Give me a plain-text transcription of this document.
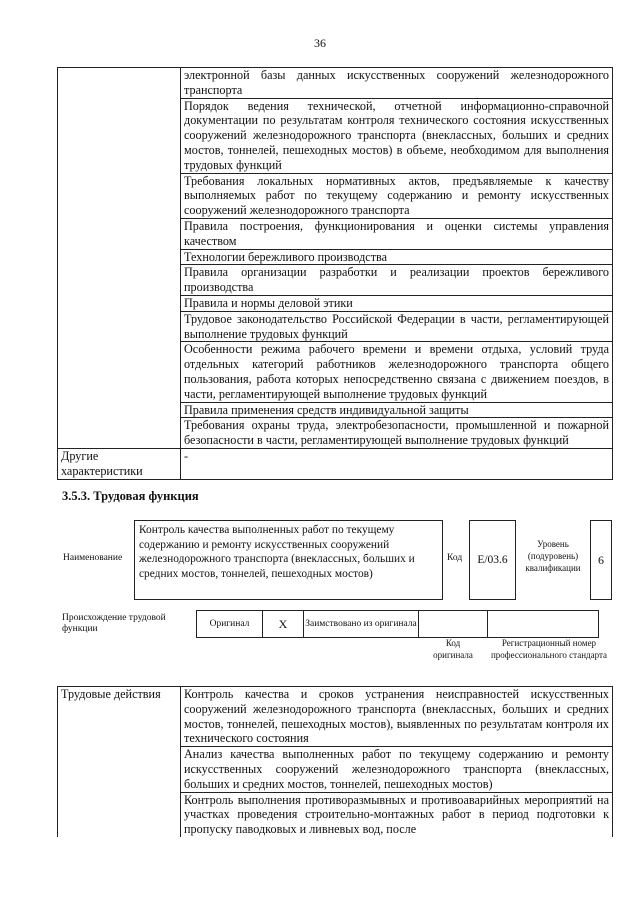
36
	электронной базы данных искусственных сооружений железнодорожного транспорта
	Порядок ведения технической, отчетной информационно-справочной документации по результатам контроля технического состояния искусственных сооружений железнодорожного транспорта (внеклассных, больших и средних мостов, тоннелей, пешеходных мостов) в объеме, необходимом для выполнения трудовых функций
	Требования локальных нормативных актов, предъявляемые к качеству выполняемых работ по текущему содержанию и ремонту искусственных сооружений железнодорожного транспорта
	Правила построения, функционирования и оценки системы управления качеством
	Технологии бережливого производства
	Правила организации разработки и реализации проектов бережливого производства
	Правила и нормы деловой этики
	Трудовое законодательство Российской Федерации в части, регламентирующей выполнение трудовых функций
	Особенности режима рабочего времени и времени отдыха, условий труда отдельных категорий работников железнодорожного транспорта общего пользования, работа которых непосредственно связана с движением поездов, в части, регламентирующей выполнение трудовых функций
	Правила применения средств индивидуальной защиты
	Требования охраны труда, электробезопасности, промышленной и пожарной безопасности в части, регламентирующей выполнение трудовых функций
Другие характеристики	-
3.5.3. Трудовая функция
Наименование
Контроль качества выполненных работ по текущему содержанию и ремонту искусственных сооружений железнодорожного транспорта (внеклассных, больших и средних мостов, тоннелей, пешеходных мостов)
Код	E/03.6
Уровень (подуровень) квалификации
6
Происхождение трудовой функции	Оригинал	X	Заимствовано из оригинала		
Код оригинала
Регистрационный номер профессионального стандарта
Трудовые действия	Контроль качества и сроков устранения неисправностей искусственных сооружений железнодорожного транспорта (внеклассных, больших и средних мостов, тоннелей, пешеходных мостов), выявленных по результатам контроля их технического состояния
Анализ качества выполненных работ по текущему содержанию и ремонту искусственных сооружений железнодорожного транспорта (внеклассных, больших и средних мостов, тоннелей, пешеходных мостов)
Контроль выполнения противоразмывных и противоаварийных мероприятий на участках проведения строительно-монтажных работ в период подготовки к пропуску паводковых и ливневых вод, после
